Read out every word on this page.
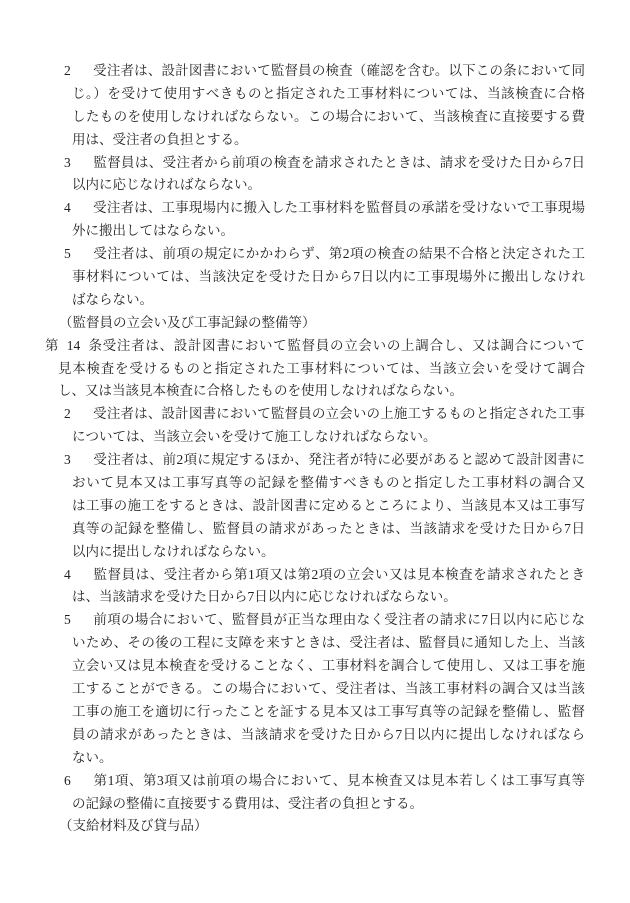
2 受注者は、設計図書において監督員の検査（確認を含む。以下この条において同
じ。）を受けて使用すべきものと指定された工事材料については、当該検査に合格
したものを使用しなければならない。この場合において、当該検査に直接要する費
用は、受注者の負担とする。
3 監督員は、受注者から前項の検査を請求されたときは、請求を受けた日から7日
以内に応じなければならない。
4 受注者は、工事現場内に搬入した工事材料を監督員の承諾を受けないで工事現場
外に搬出してはならない。
5 受注者は、前項の規定にかかわらず、第2項の検査の結果不合格と決定された工
事材料については、当該決定を受けた日から7日以内に工事現場外に搬出しなけれ
ばならない。
（監督員の立会い及び工事記録の整備等）
第14条受注者は、設計図書において監督員の立会いの上調合し、又は調合について
見本検査を受けるものと指定された工事材料については、当該立会いを受けて調合
し、又は当該見本検査に合格したものを使用しなければならない。
2 受注者は、設計図書において監督員の立会いの上施工するものと指定された工事
については、当該立会いを受けて施工しなければならない。
3 受注者は、前2項に規定するほか、発注者が特に必要があると認めて設計図書に
おいて見本又は工事写真等の記録を整備すべきものと指定した工事材料の調合又
は工事の施工をするときは、設計図書に定めるところにより、当該見本又は工事写
真等の記録を整備し、監督員の請求があったときは、当該請求を受けた日から7日
以内に提出しなければならない。
4 監督員は、受注者から第1項又は第2項の立会い又は見本検査を請求されたとき
は、当該請求を受けた日から7日以内に応じなければならない。
5 前項の場合において、監督員が正当な理由なく受注者の請求に7日以内に応じな
いため、その後の工程に支障を来すときは、受注者は、監督員に通知した上、当該
立会い又は見本検査を受けることなく、工事材料を調合して使用し、又は工事を施
工することができる。この場合において、受注者は、当該工事材料の調合又は当該
工事の施工を適切に行ったことを証する見本又は工事写真等の記録を整備し、監督
員の請求があったときは、当該請求を受けた日から7日以内に提出しなければなら
ない。
6 第1項、第3項又は前項の場合において、見本検査又は見本若しくは工事写真等
の記録の整備に直接要する費用は、受注者の負担とする。
（支給材料及び貸与品）
